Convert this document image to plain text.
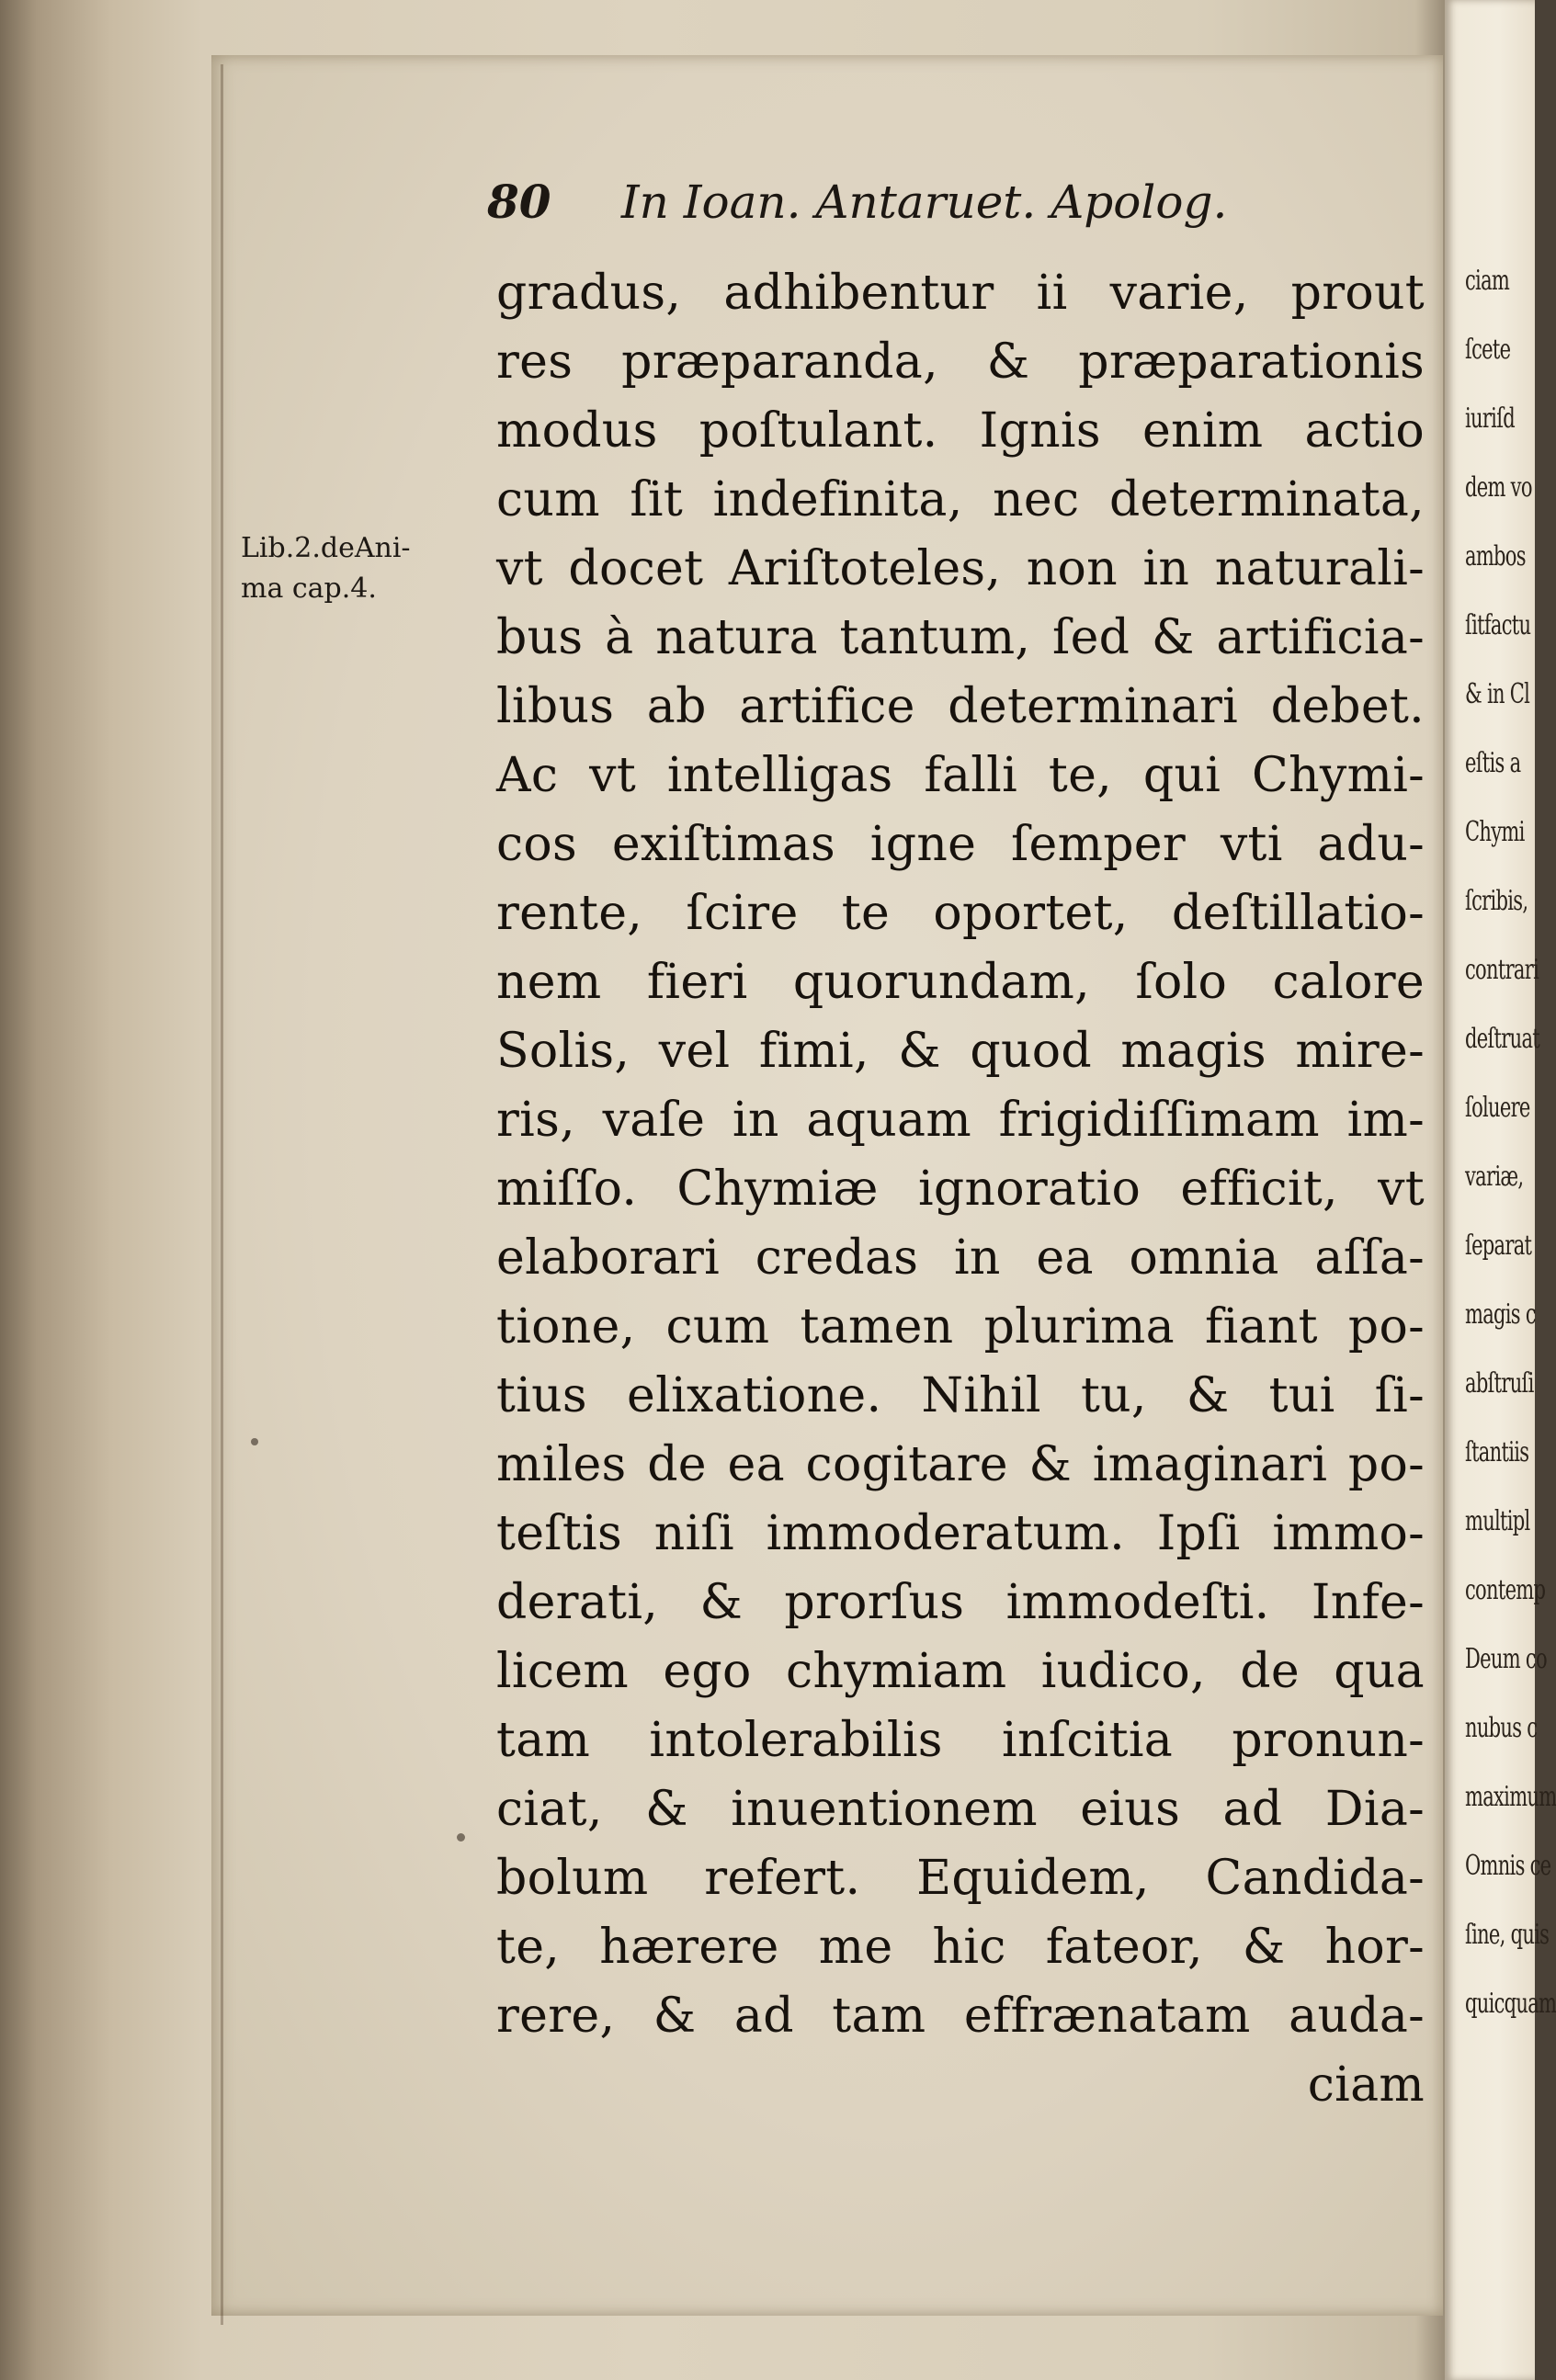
80 In Ioan. Antaruet. Apolog.
Lib.2.deAni-
ma cap.4.
gradus, adhibentur ii varie, prout
res præparanda, & præparationis
modus poſtulant. Ignis enim actio
cum ſit indefinita, nec determinata,
vt docet Ariſtoteles, non in naturali-
bus à natura tantum, ſed & artificia-
libus ab artifice determinari debet.
Ac vt intelligas falli te, qui Chymi-
cos exiſtimas igne ſemper vti adu-
rente, ſcire te oportet, deſtillatio-
nem fieri quorundam, ſolo calore
Solis, vel fimi, & quod magis mire-
ris, vaſe in aquam frigidiſſimam im-
miſſo. Chymiæ ignoratio efficit, vt
elaborari credas in ea omnia aſſa-
tione, cum tamen plurima fiant po-
tius elixatione. Nihil tu, & tui ſi-
miles de ea cogitare & imaginari po-
teſtis niſi immoderatum. Ipſi immo-
derati, & prorſus immodeſti. Infe-
licem ego chymiam iudico, de qua
tam intolerabilis inſcitia pronun-
ciat, & inuentionem eius ad Dia-
bolum refert. Equidem, Candida-
te, hærere me hic fateor, & hor-
rere, & ad tam effrænatam auda-
ciam
ciam
ſcete
iuriſd
dem vo
ambos
ſitfactu
& in Cl
eſtis a
Chymi
ſcribis,
contrari
deſtruat
ſoluere
variæ,
ſeparat
magis c
abſtruſi
ſtantiis
multipl
contemp
Deum co
nubus c
maximum
Omnis ce
ſine, quis
quicquam
